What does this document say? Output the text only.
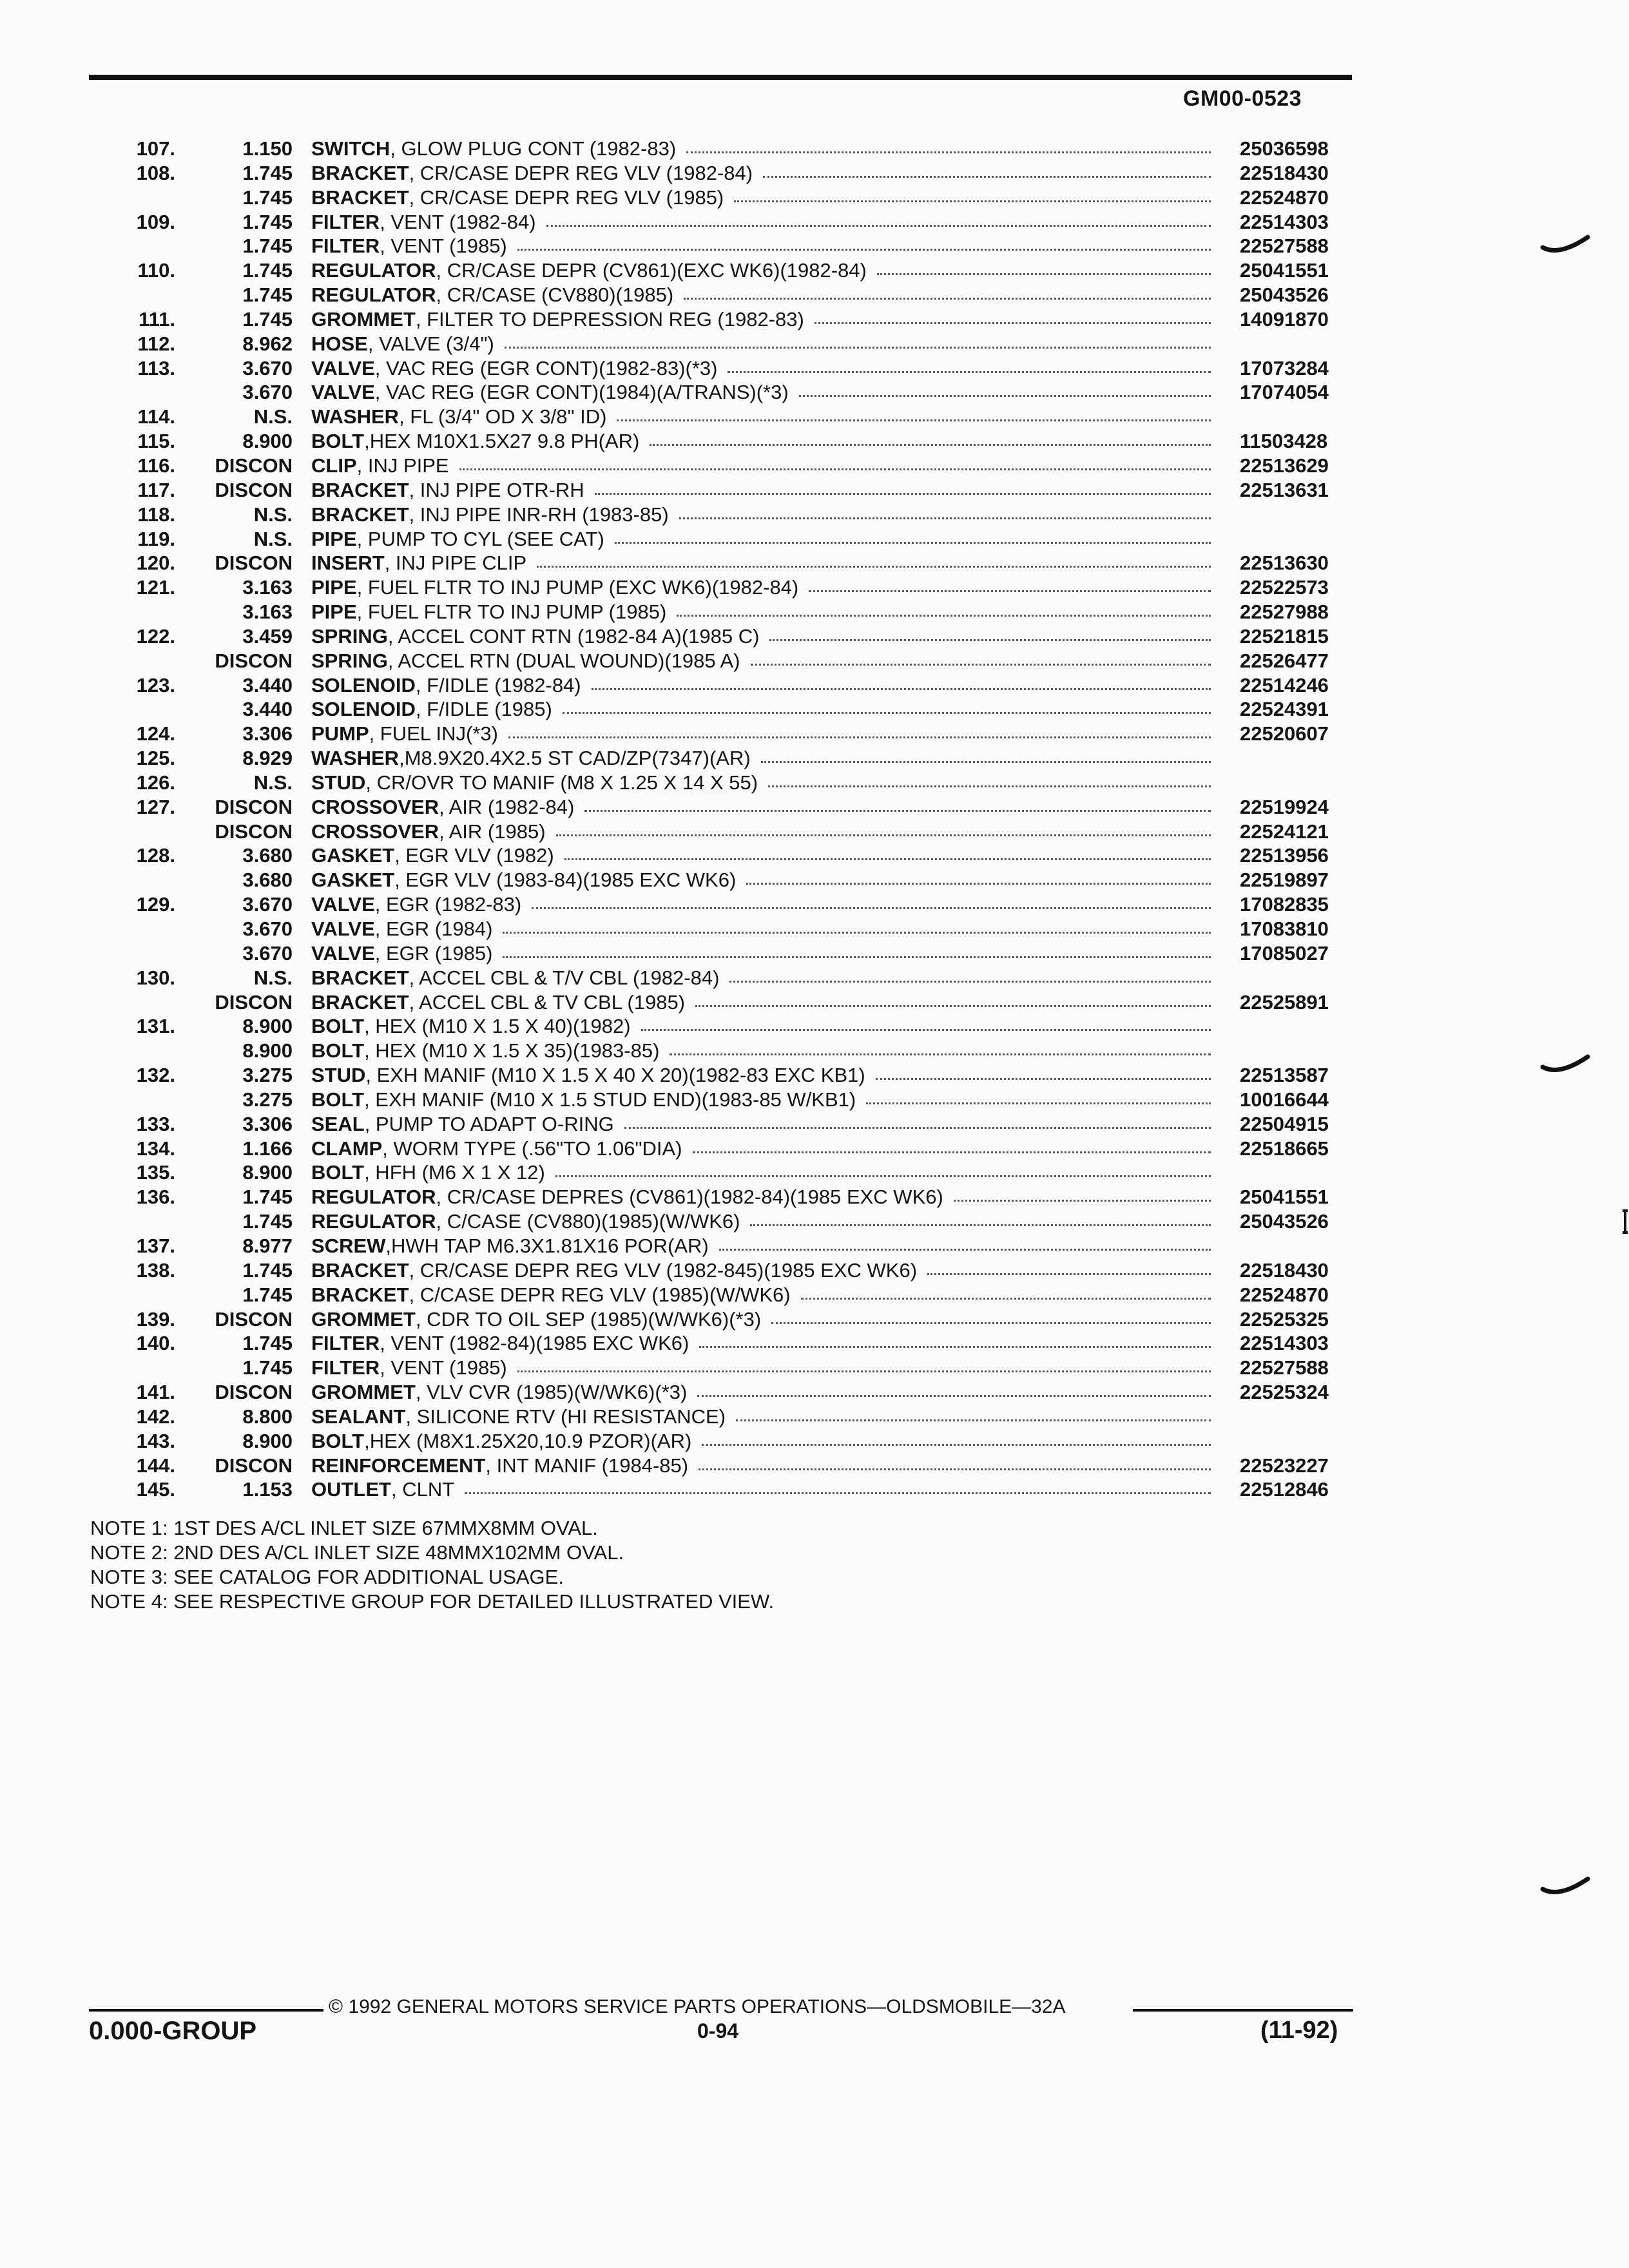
GM00-0523
107.	1.150 SWITCH, GLOW PLUG CONT (1982-83)	25036598
108.	1.745 BRACKET, CR/CASE DEPR REG VLV (1982-84)	22518430
1.745 BRACKET, CR/CASE DEPR REG VLV (1985)	22524870
109.	1.745 FILTER, VENT (1982-84)	22514303
1.745 FILTER, VENT (1985)	22527588
110.	1.745 REGULATOR, CR/CASE DEPR (CV861)(EXC WK6)(1982-84)	25041551
1.745 REGULATOR, CR/CASE (CV880)(1985)	25043526
111.	1.745 GROMMET, FILTER TO DEPRESSION REG (1982-83)	14091870
112.	8.962 HOSE, VALVE (3/4")
113.	3.670 VALVE, VAC REG (EGR CONT)(1982-83)(*3)	17073284
3.670 VALVE, VAC REG (EGR CONT)(1984)(A/TRANS)(*3)	17074054
114.	N.S. WASHER, FL (3/4" OD X 3/8" ID)
115.	8.900 BOLT,HEX M10X1.5X27 9.8 PH(AR)	11503428
116. DISCON CLIP, INJ PIPE	22513629
117. DISCON BRACKET, INJ PIPE OTR-RH	22513631
118.	N.S. BRACKET, INJ PIPE INR-RH (1983-85)
119.	N.S. PIPE, PUMP TO CYL (SEE CAT)
120. DISCON INSERT, INJ PIPE CLIP	22513630
121.	3.163 PIPE, FUEL FLTR TO INJ PUMP (EXC WK6)(1982-84)	22522573
3.163 PIPE, FUEL FLTR TO INJ PUMP (1985)	22527988
122.	3.459 SPRING, ACCEL CONT RTN (1982-84 A)(1985 C)	22521815
DISCON SPRING, ACCEL RTN (DUAL WOUND)(1985 A)	22526477
123.	3.440 SOLENOID, F/IDLE (1982-84)	22514246
3.440 SOLENOID, F/IDLE (1985)	22524391
124.	3.306 PUMP, FUEL INJ(*3)	22520607
125.	8.929 WASHER,M8.9X20.4X2.5 ST CAD/ZP(7347)(AR)
126.	N.S. STUD, CR/OVR TO MANIF (M8 X 1.25 X 14 X 55)
127. DISCON CROSSOVER, AIR (1982-84)	22519924
DISCON CROSSOVER, AIR (1985)	22524121
128.	3.680 GASKET, EGR VLV (1982)	22513956
3.680 GASKET, EGR VLV (1983-84)(1985 EXC WK6)	22519897
129.	3.670 VALVE, EGR (1982-83)	17082835
3.670 VALVE, EGR (1984)	17083810
3.670 VALVE, EGR (1985)	17085027
130.	N.S. BRACKET, ACCEL CBL & T/V CBL (1982-84)
DISCON BRACKET, ACCEL CBL & TV CBL (1985)	22525891
131.	8.900 BOLT, HEX (M10 X 1.5 X 40)(1982)
8.900 BOLT, HEX (M10 X 1.5 X 35)(1983-85)
132.	3.275 STUD, EXH MANIF (M10 X 1.5 X 40 X 20)(1982-83 EXC KB1)	22513587
3.275 BOLT, EXH MANIF (M10 X 1.5 STUD END)(1983-85 W/KB1)	10016644
133.	3.306 SEAL, PUMP TO ADAPT O-RING	22504915
134.	1.166 CLAMP, WORM TYPE (.56"TO 1.06"DIA)	22518665
135.	8.900 BOLT, HFH (M6 X 1 X 12)
136.	1.745 REGULATOR, CR/CASE DEPRES (CV861)(1982-84)(1985 EXC WK6)	25041551
1.745 REGULATOR, C/CASE (CV880)(1985)(W/WK6)	25043526
137.	8.977 SCREW,HWH TAP M6.3X1.81X16 POR(AR)
138.	1.745 BRACKET, CR/CASE DEPR REG VLV (1982-845)(1985 EXC WK6)	22518430
1.745 BRACKET, C/CASE DEPR REG VLV (1985)(W/WK6)	22524870
139. DISCON GROMMET, CDR TO OIL SEP (1985)(W/WK6)(*3)	22525325
140.	1.745 FILTER, VENT (1982-84)(1985 EXC WK6)	22514303
1.745 FILTER, VENT (1985)	22527588
141. DISCON GROMMET, VLV CVR (1985)(W/WK6)(*3)	22525324
142.	8.800 SEALANT, SILICONE RTV (HI RESISTANCE)
143.	8.900 BOLT,HEX (M8X1.25X20,10.9 PZOR)(AR)
144. DISCON REINFORCEMENT, INT MANIF (1984-85)	22523227
145.	1.153 OUTLET, CLNT	22512846
NOTE 1: 1ST DES A/CL INLET SIZE 67MMX8MM OVAL.
NOTE 2: 2ND DES A/CL INLET SIZE 48MMX102MM OVAL.
NOTE 3: SEE CATALOG FOR ADDITIONAL USAGE.
NOTE 4: SEE RESPECTIVE GROUP FOR DETAILED ILLUSTRATED VIEW.
© 1992 GENERAL MOTORS SERVICE PARTS OPERATIONS—OLDSMOBILE—32A
0.000-GROUP	0-94	(11-92)
